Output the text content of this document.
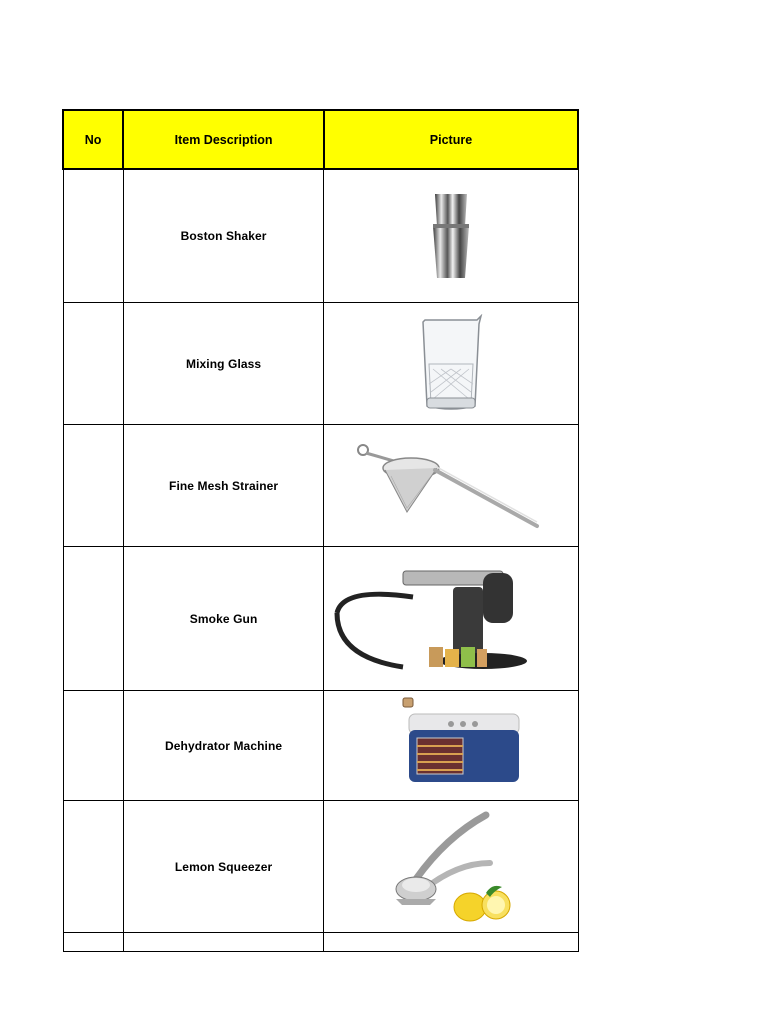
No	Item Description	Picture
	Boston Shaker	

	Mixing Glass	

	Fine Mesh Strainer	

	Smoke Gun	

	Dehydrator Machine	

	Lemon Squeezer	
